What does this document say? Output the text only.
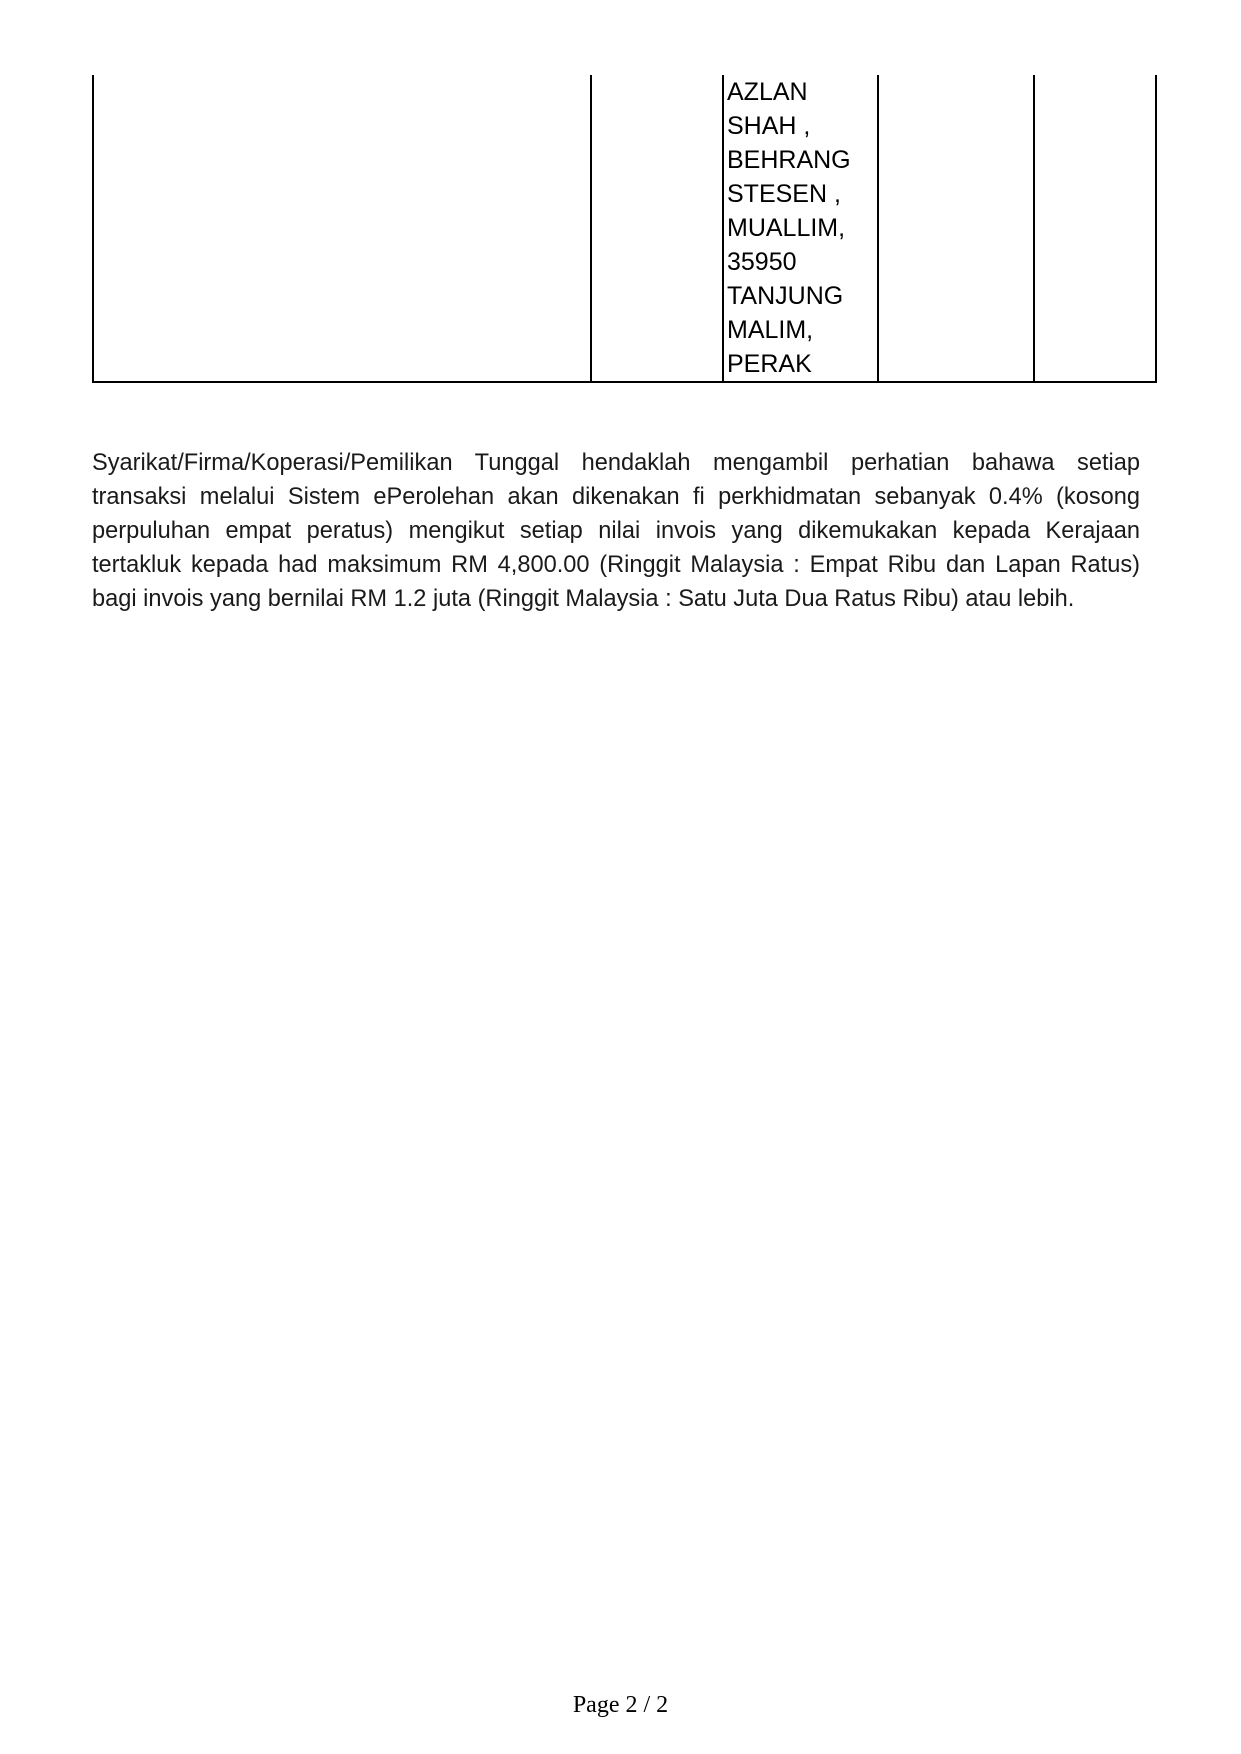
AZLAN
SHAH ,
BEHRANG
STESEN ,
MUALLIM,
35950
TANJUNG
MALIM,
PERAK

Syarikat/Firma/Koperasi/Pemilikan Tunggal hendaklah mengambil perhatian bahawa setiap transaksi melalui Sistem ePerolehan akan dikenakan fi perkhidmatan sebanyak 0.4% (kosong perpuluhan empat peratus) mengikut setiap nilai invois yang dikemukakan kepada Kerajaan tertakluk kepada had maksimum RM 4,800.00 (Ringgit Malaysia : Empat Ribu dan Lapan Ratus) bagi invois yang bernilai RM 1.2 juta (Ringgit Malaysia : Satu Juta Dua Ratus Ribu) atau lebih.

Page 2 / 2
